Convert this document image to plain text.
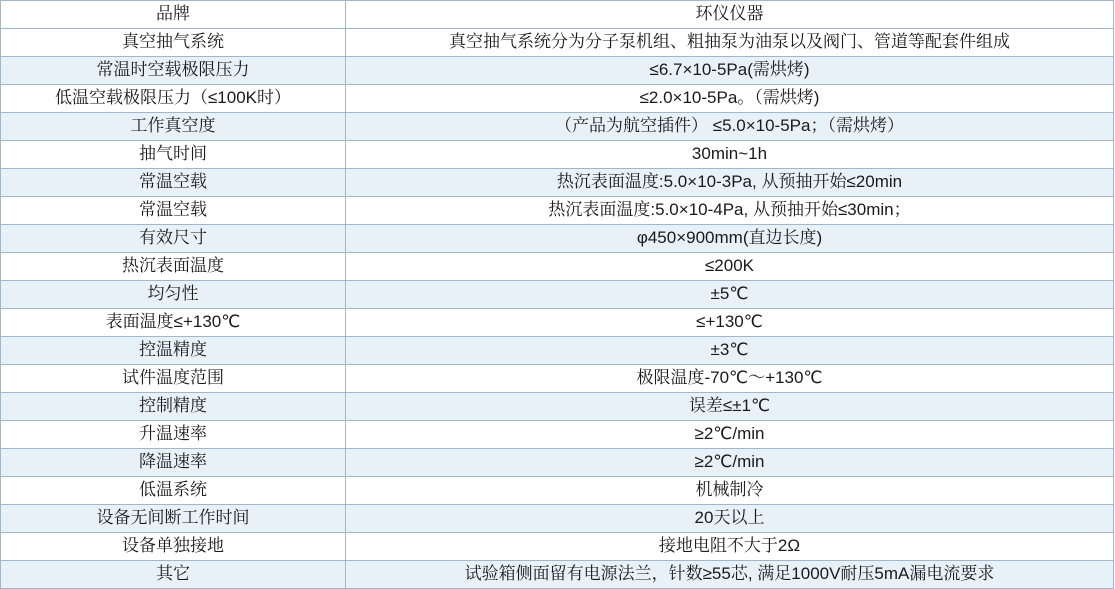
品牌	环仪仪器
真空抽气系统	真空抽气系统分为分子泵机组、粗抽泵为油泵以及阀门、管道等配套件组成
常温时空载极限压力	≤6.7×10-5Pa(需烘烤)
低温空载极限压力（≤100K时）	≤2.0×10-5Pa。（需烘烤)
工作真空度	（产品为航空插件） ≤5.0×10-5Pa；（需烘烤）
抽气时间	30min~1h
常温空载	热沉表面温度:5.0×10-3Pa, 从预抽开始≤20min
常温空载	热沉表面温度:5.0×10-4Pa, 从预抽开始≤30min；
有效尺寸	φ450×900mm(直边长度)
热沉表面温度	≤200K
均匀性	±5℃
表面温度≤+130℃	≤+130℃
控温精度	±3℃
试件温度范围	极限温度-70℃～+130℃
控制精度	误差≤±1℃
升温速率	≥2℃/min
降温速率	≥2℃/min
低温系统	机械制冷
设备无间断工作时间	20天以上
设备单独接地	接地电阻不大于2Ω
其它	试验箱侧面留有电源法兰，针数≥55芯, 满足1000V耐压5mA漏电流要求
